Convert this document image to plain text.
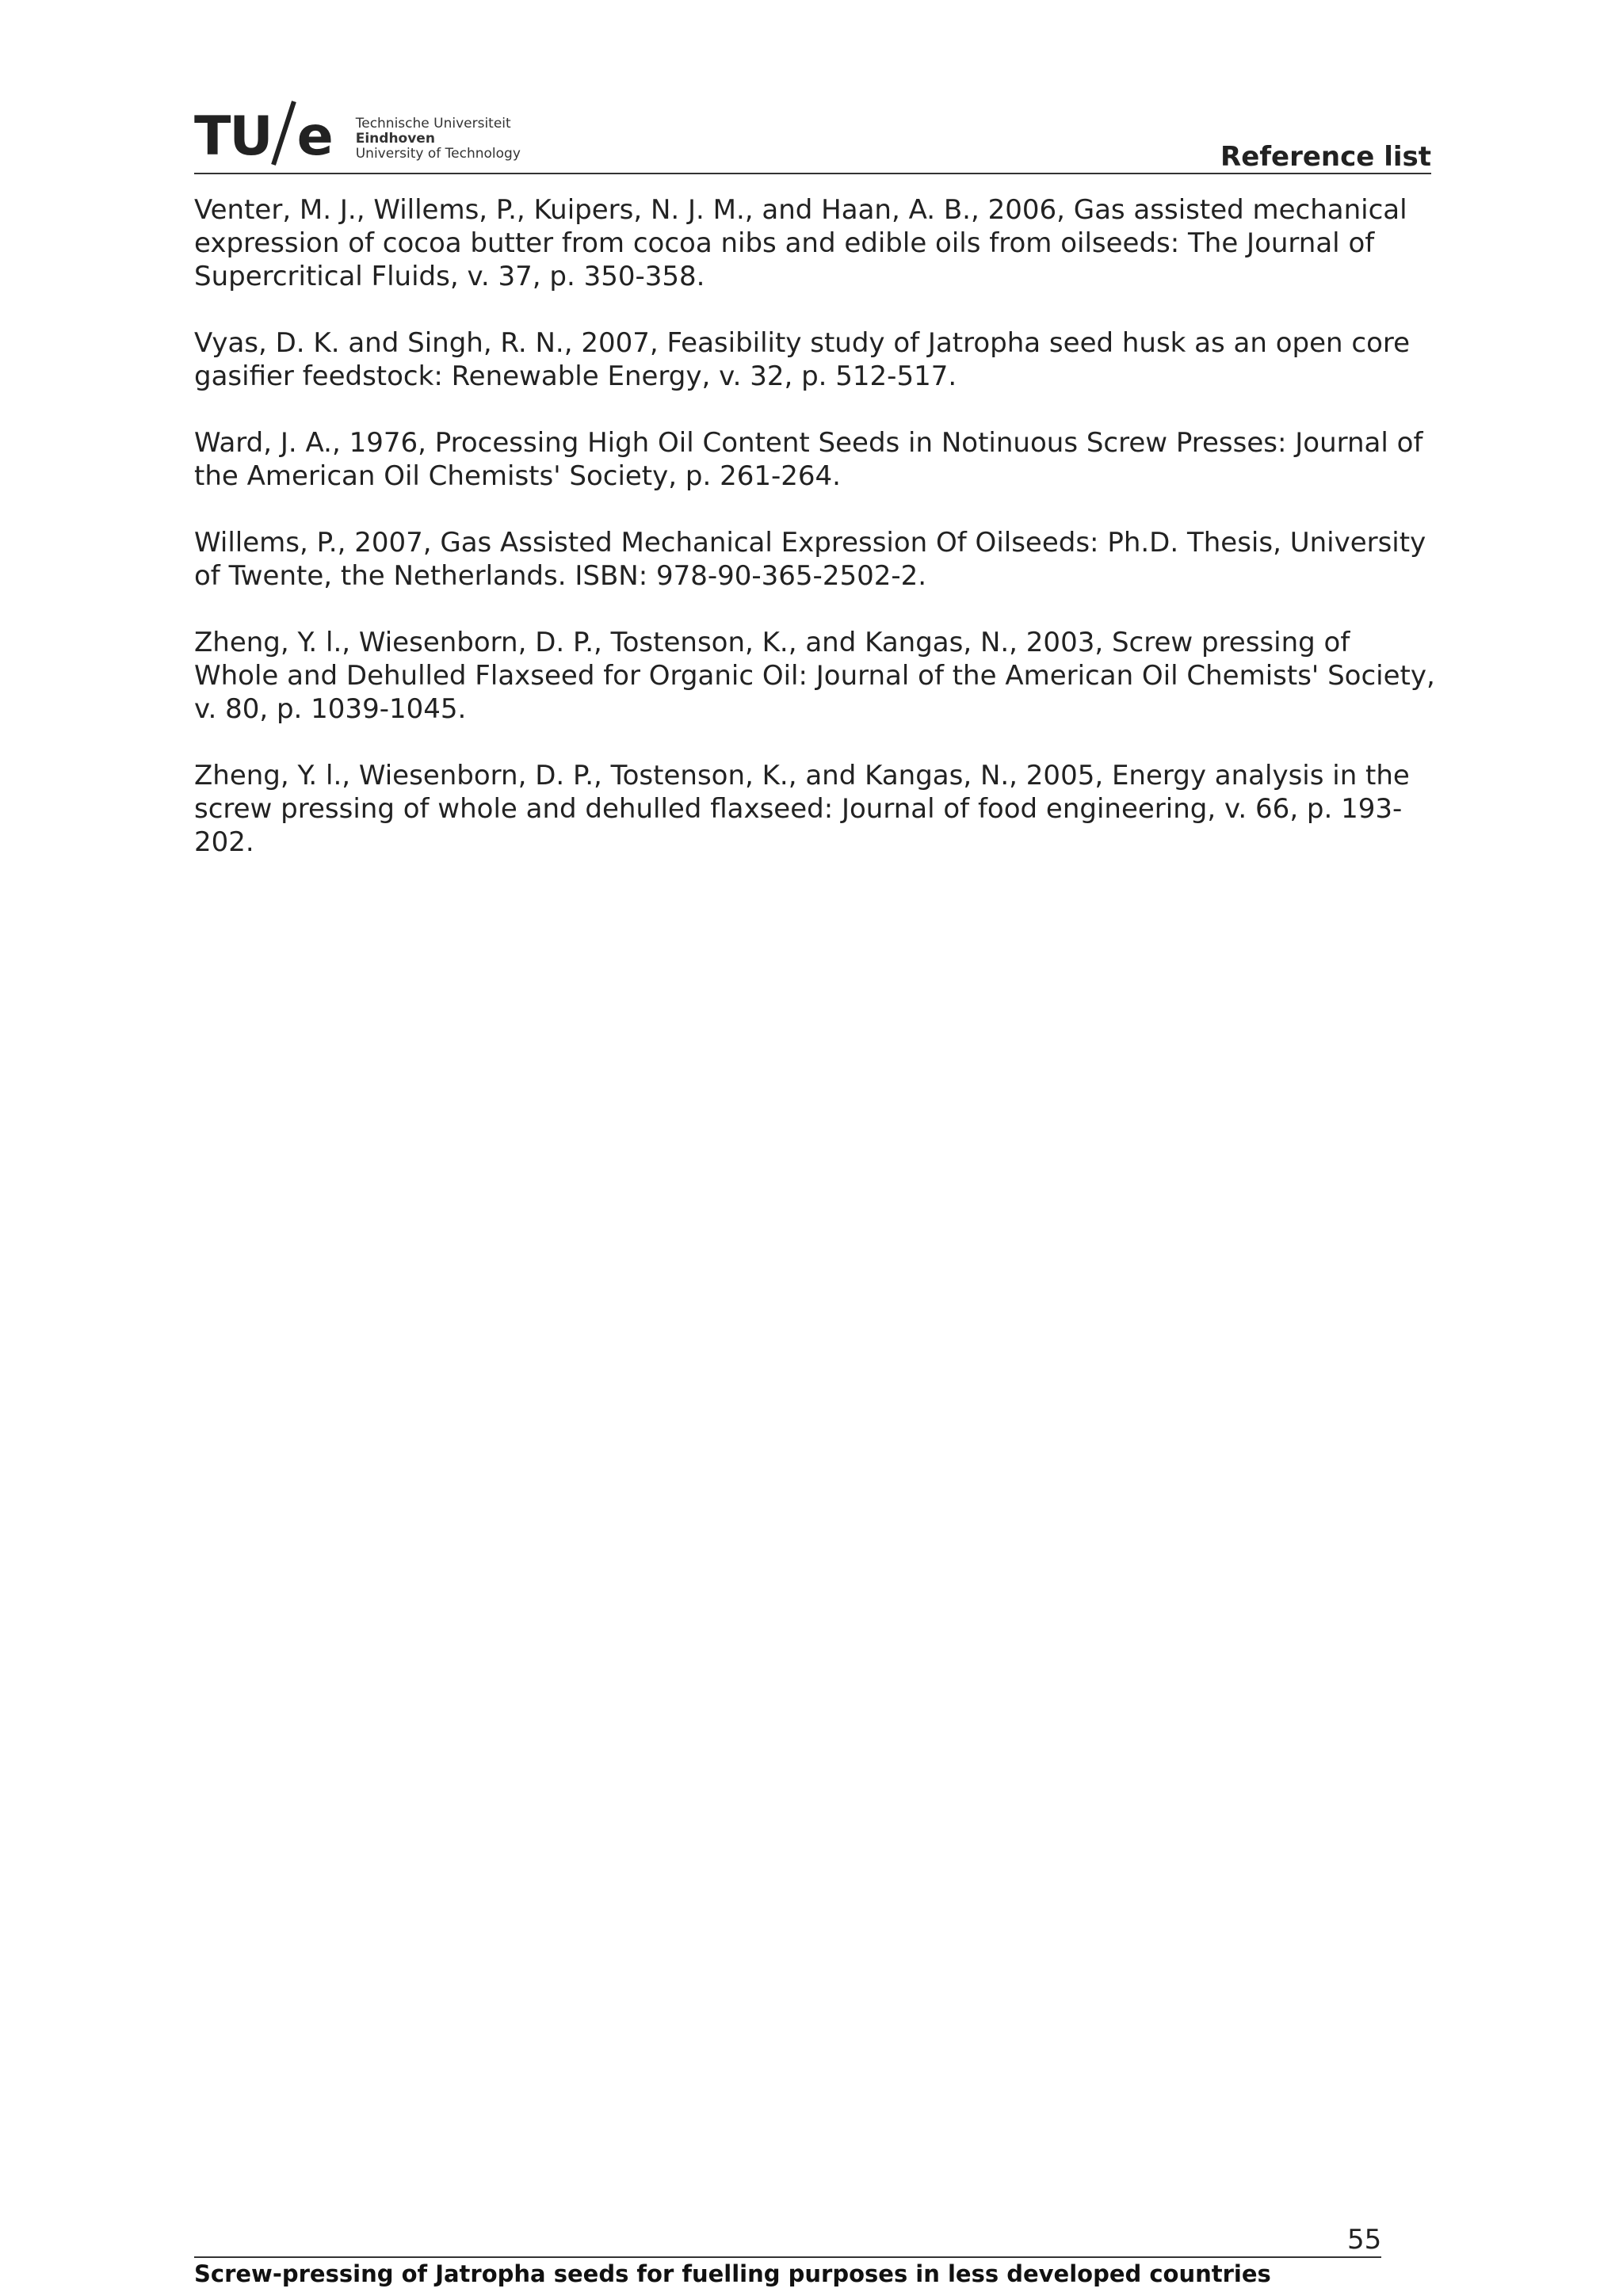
TU e Technische Universiteit
Eindhoven
University of Technology	Reference list

Venter, M. J., Willems, P., Kuipers, N. J. M., and Haan, A. B., 2006, Gas assisted mechanical expression of cocoa butter from cocoa nibs and edible oils from oilseeds: The Journal of Supercritical Fluids, v. 37, p. 350-358.

Vyas, D. K. and Singh, R. N., 2007, Feasibility study of Jatropha seed husk as an open core gasifier feedstock: Renewable Energy, v. 32, p. 512-517.

Ward, J. A., 1976, Processing High Oil Content Seeds in Notinuous Screw Presses: Journal of the American Oil Chemists' Society, p. 261-264.

Willems, P., 2007, Gas Assisted Mechanical Expression Of Oilseeds: Ph.D. Thesis, University of Twente, the Netherlands. ISBN: 978-90-365-2502-2.

Zheng, Y. l., Wiesenborn, D. P., Tostenson, K., and Kangas, N., 2003, Screw pressing of Whole and Dehulled Flaxseed for Organic Oil: Journal of the American Oil Chemists' Society, v. 80, p. 1039-1045.

Zheng, Y. l., Wiesenborn, D. P., Tostenson, K., and Kangas, N., 2005, Energy analysis in the screw pressing of whole and dehulled flaxseed: Journal of food engineering, v. 66, p. 193-202.

55
Screw-pressing of Jatropha seeds for fuelling purposes in less developed countries
